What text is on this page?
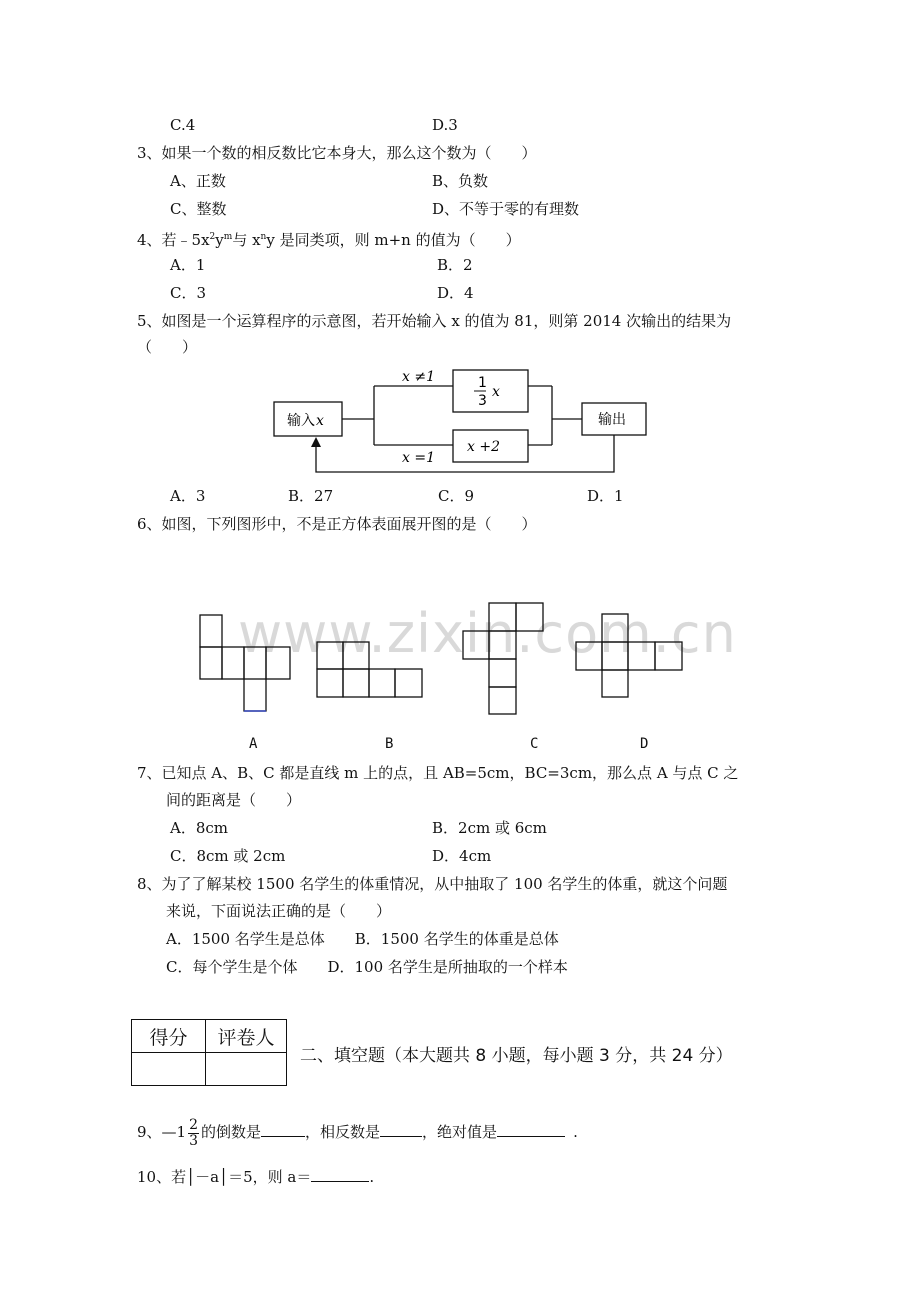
www.zixin.com.cn
C.4	D.3
3、如果一个数的相反数比它本身大，那么这个数为（　　）
A、正数	B、负数
C、整数	D、不等于零的有理数
4、若$﹣5x^2y^m$与 $x^ny$ 是同类项，则 m+n 的值为（　　）
A．1	B．2
C．3	D．4
5、如图是一个运算程序的示意图，若开始输入 x 的值为 81，则第 2014 次输出的结果为
（　　）
输入 x
x ≠1
x =1
1
3
x
x +2
输出
A．3	B．27	C．9	D．1
6、如图，下列图形中，不是正方体表面展开图的是（　　）
A	B	C	D
7、已知点 A、B、C 都是直线 m 上的点，且 AB=5cm，BC=3cm，那么点 A 与点 C 之
间的距离是（　　）
A．8cm	B．2cm 或 6cm
C．8cm 或 2cm	D．4cm
8、为了了解某校 1500 名学生的体重情况，从中抽取了 100 名学生的体重，就这个问题
来说，下面说法正确的是（　　）
A．1500 名学生是总体　　B．1500 名学生的体重是总体
C．每个学生是个体　　D．100 名学生是所抽取的一个样本
得分	评卷人

二、填空题（本大题共 8 小题，每小题 3 分，共 24 分）
9、—1 $\frac{2}{3}$ 的倒数是	，相反数是	，绝对值是	.
10、若│－a│＝5，则 a＝	.
